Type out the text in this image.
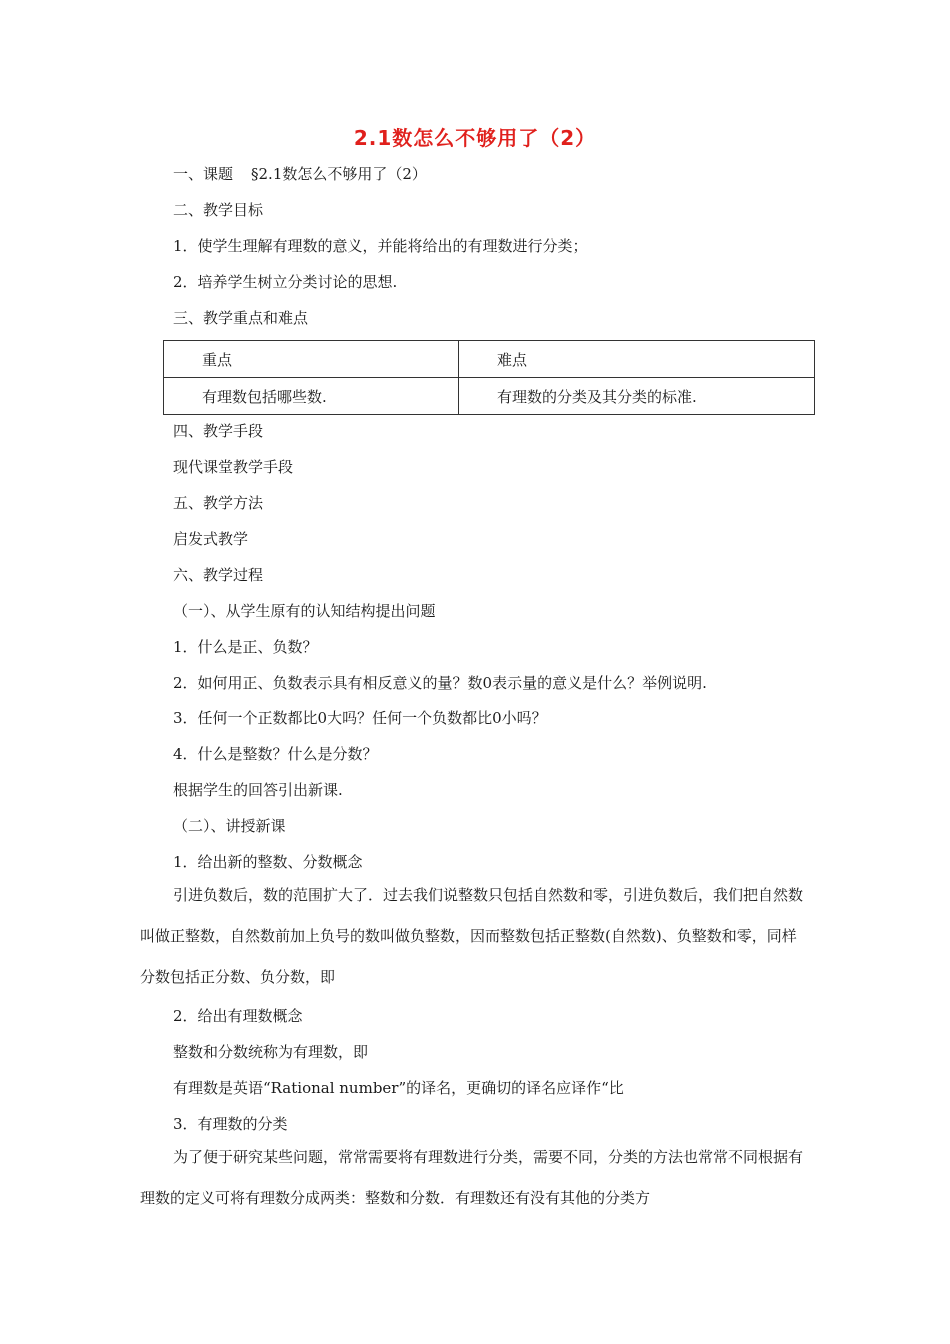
2.1数怎么不够用了（2）
一、课题 §2.1数怎么不够用了（2）
二、教学目标
1．使学生理解有理数的意义，并能将给出的有理数进行分类；
2．培养学生树立分类讨论的思想.
三、教学重点和难点
重点	难点
有理数包括哪些数.	有理数的分类及其分类的标准.
四、教学手段
现代课堂教学手段
五、教学方法
启发式教学
六、教学过程
（一）、从学生原有的认知结构提出问题
1．什么是正、负数？
2．如何用正、负数表示具有相反意义的量？数0表示量的意义是什么？举例说明.
3．任何一个正数都比0大吗？任何一个负数都比0小吗？
4．什么是整数？什么是分数？
根据学生的回答引出新课.
（二）、讲授新课
1．给出新的整数、分数概念
引进负数后，数的范围扩大了．过去我们说整数只包括自然数和零，引进负数后，我们把自然数叫做正整数，自然数前加上负号的数叫做负整数，因而整数包括正整数(自然数)、负整数和零，同样分数包括正分数、负分数，即
2．给出有理数概念
整数和分数统称为有理数，即
有理数是英语“Rational number”的译名，更确切的译名应译作“比
3．有理数的分类
为了便于研究某些问题，常常需要将有理数进行分类，需要不同，分类的方法也常常不同根据有理数的定义可将有理数分成两类：整数和分数．有理数还有没有其他的分类方
